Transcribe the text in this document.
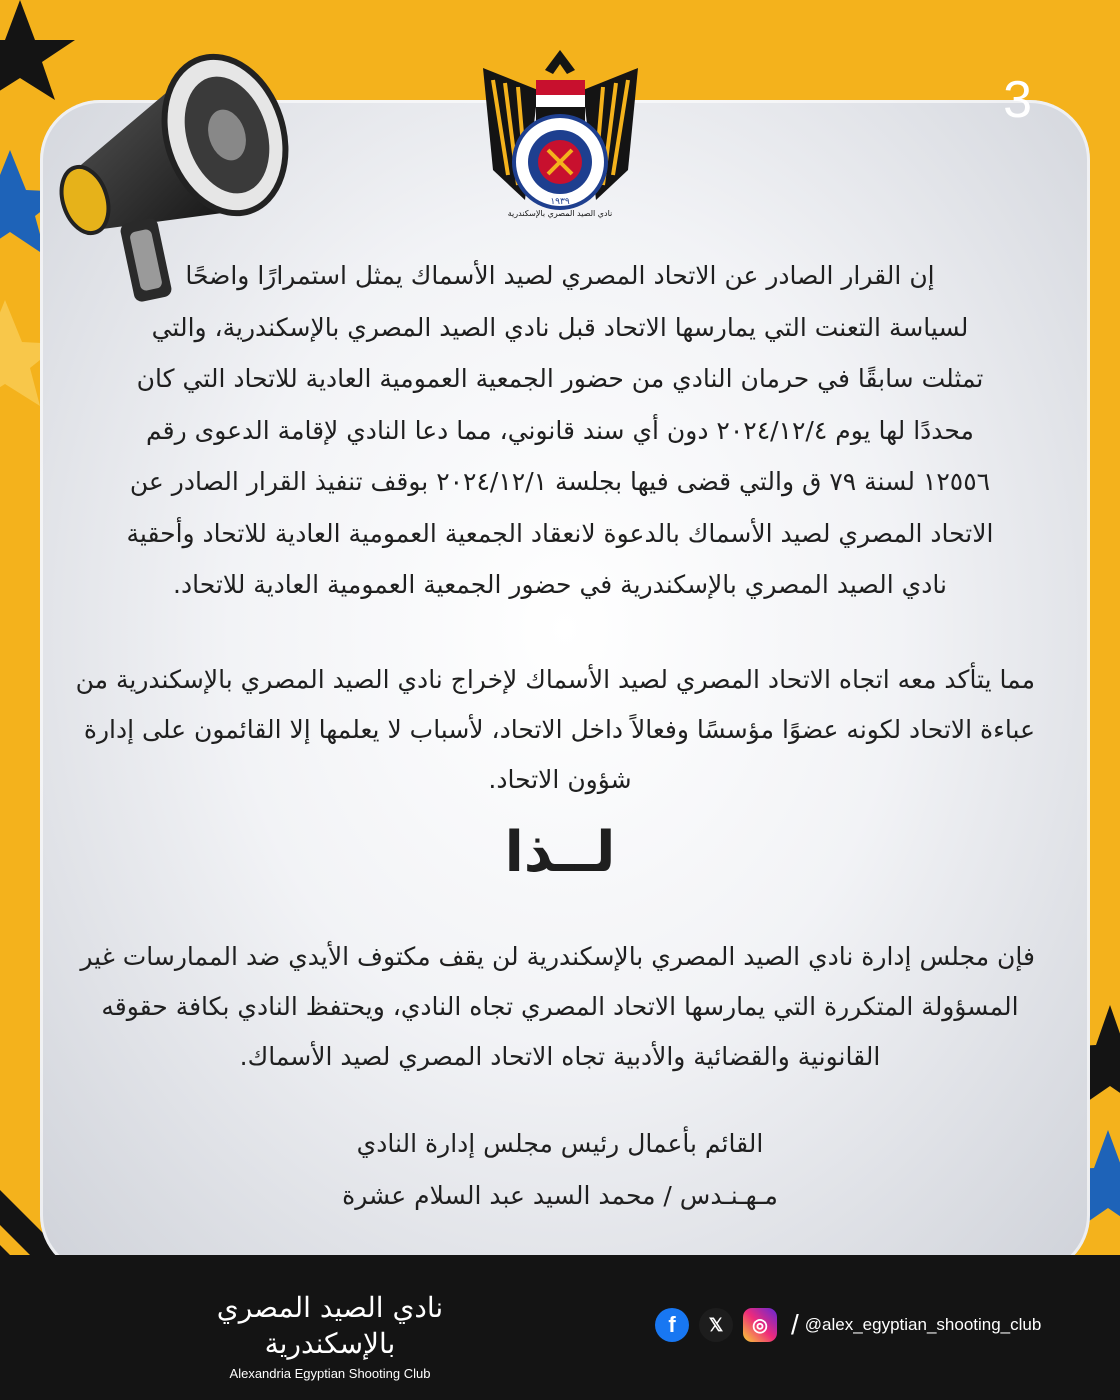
١٩٣٩
نادي الصيد المصري بالإسكندرية
3
إن القرار الصادر عن الاتحاد المصري لصيد الأسماك يمثل استمرارًا واضحًا
لسياسة التعنت التي يمارسها الاتحاد قبل نادي الصيد المصري بالإسكندرية، والتي
تمثلت سابقًا في حرمان النادي من حضور الجمعية العمومية العادية للاتحاد التي كان
محددًا لها يوم ٢٠٢٤/١٢/٤ دون أي سند قانوني، مما دعا النادي لإقامة الدعوى رقم
١٢٥٥٦ لسنة ٧٩ ق والتي قضى فيها بجلسة ٢٠٢٤/١٢/١ بوقف تنفيذ القرار الصادر عن
الاتحاد المصري لصيد الأسماك بالدعوة لانعقاد الجمعية العمومية العادية للاتحاد وأحقية
نادي الصيد المصري بالإسكندرية في حضور الجمعية العمومية العادية للاتحاد.
مما يتأكد معه اتجاه الاتحاد المصري لصيد الأسماك لإخراج نادي الصيد المصري بالإسكندرية من
عباءة الاتحاد لكونه عضوًا مؤسسًا وفعالاً داخل الاتحاد، لأسباب لا يعلمها إلا القائمون على إدارة
شؤون الاتحاد.
لــذا
فإن مجلس إدارة نادي الصيد المصري بالإسكندرية لن يقف مكتوف الأيدي ضد الممارسات غير
المسؤولة المتكررة التي يمارسها الاتحاد المصري تجاه النادي، ويحتفظ النادي بكافة حقوقه
القانونية والقضائية والأدبية تجاه الاتحاد المصري لصيد الأسماك.
القائم بأعمال رئيس مجلس إدارة النادي
مـهـنـدس / محمد السيد عبد السلام عشرة
نادي الصيد المصري بالإسكندرية
Alexandria Egyptian Shooting Club
f	𝕏	◎ / @alex_egyptian_shooting_club
